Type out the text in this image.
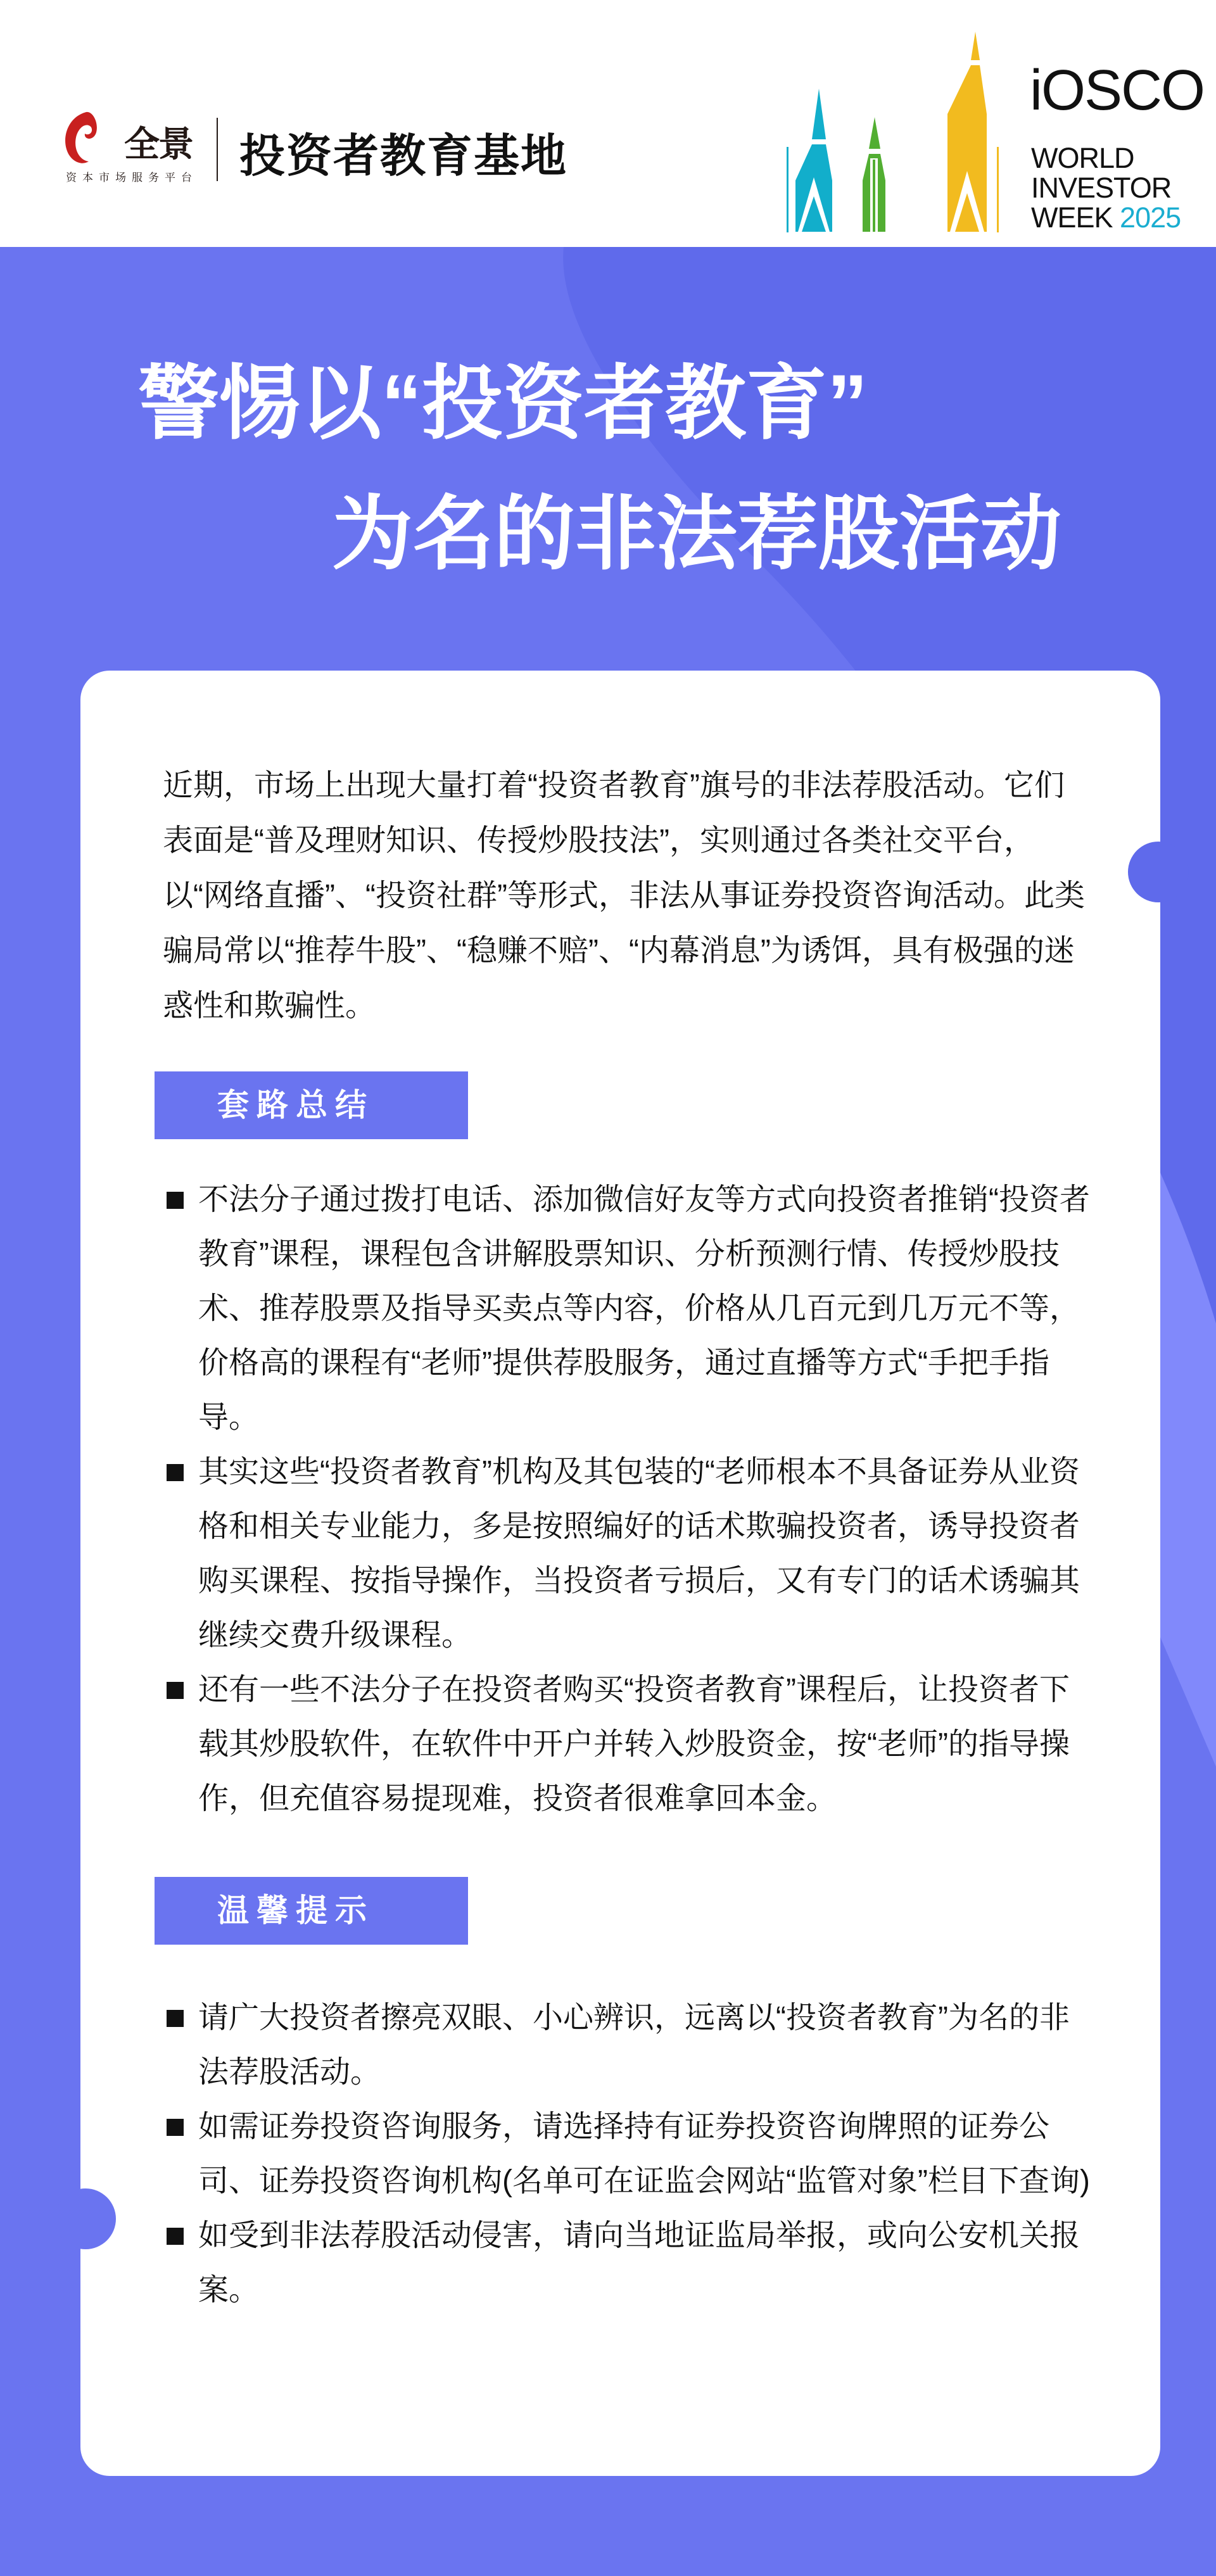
全景
资本市场服务平台 投资者教育基地
iOSCO
WORLD
INVESTOR
WEEK 2025
警惕以“投资者教育”
为名的非法荐股活动
近期，市场上出现大量打着“投资者教育”旗号的非法荐股活动。它们表面是“普及理财知识、传授炒股技法”，实则通过各类社交平台，以“网络直播”、“投资社群”等形式，非法从事证券投资咨询活动。此类骗局常以“推荐牛股”、“稳赚不赔”、“内幕消息”为诱饵，具有极强的迷惑性和欺骗性。
套路总结
不法分子通过拨打电话、添加微信好友等方式向投资者推销“投资者教育”课程，课程包含讲解股票知识、分析预测行情、传授炒股技术、推荐股票及指导买卖点等内容，价格从几百元到几万元不等，价格高的课程有“老师”提供荐股服务，通过直播等方式“手把手指导。
其实这些“投资者教育”机构及其包装的“老师根本不具备证券从业资格和相关专业能力，多是按照编好的话术欺骗投资者，诱导投资者购买课程、按指导操作，当投资者亏损后，又有专门的话术诱骗其继续交费升级课程。
还有一些不法分子在投资者购买“投资者教育”课程后，让投资者下载其炒股软件，在软件中开户并转入炒股资金，按“老师”的指导操作，但充值容易提现难，投资者很难拿回本金。
温馨提示
请广大投资者擦亮双眼、小心辨识，远离以“投资者教育”为名的非法荐股活动。
如需证券投资咨询服务，请选择持有证券投资咨询牌照的证券公司、证券投资咨询机构(名单可在证监会网站“监管对象”栏目下查询)
如受到非法荐股活动侵害，请向当地证监局举报，或向公安机关报案。
